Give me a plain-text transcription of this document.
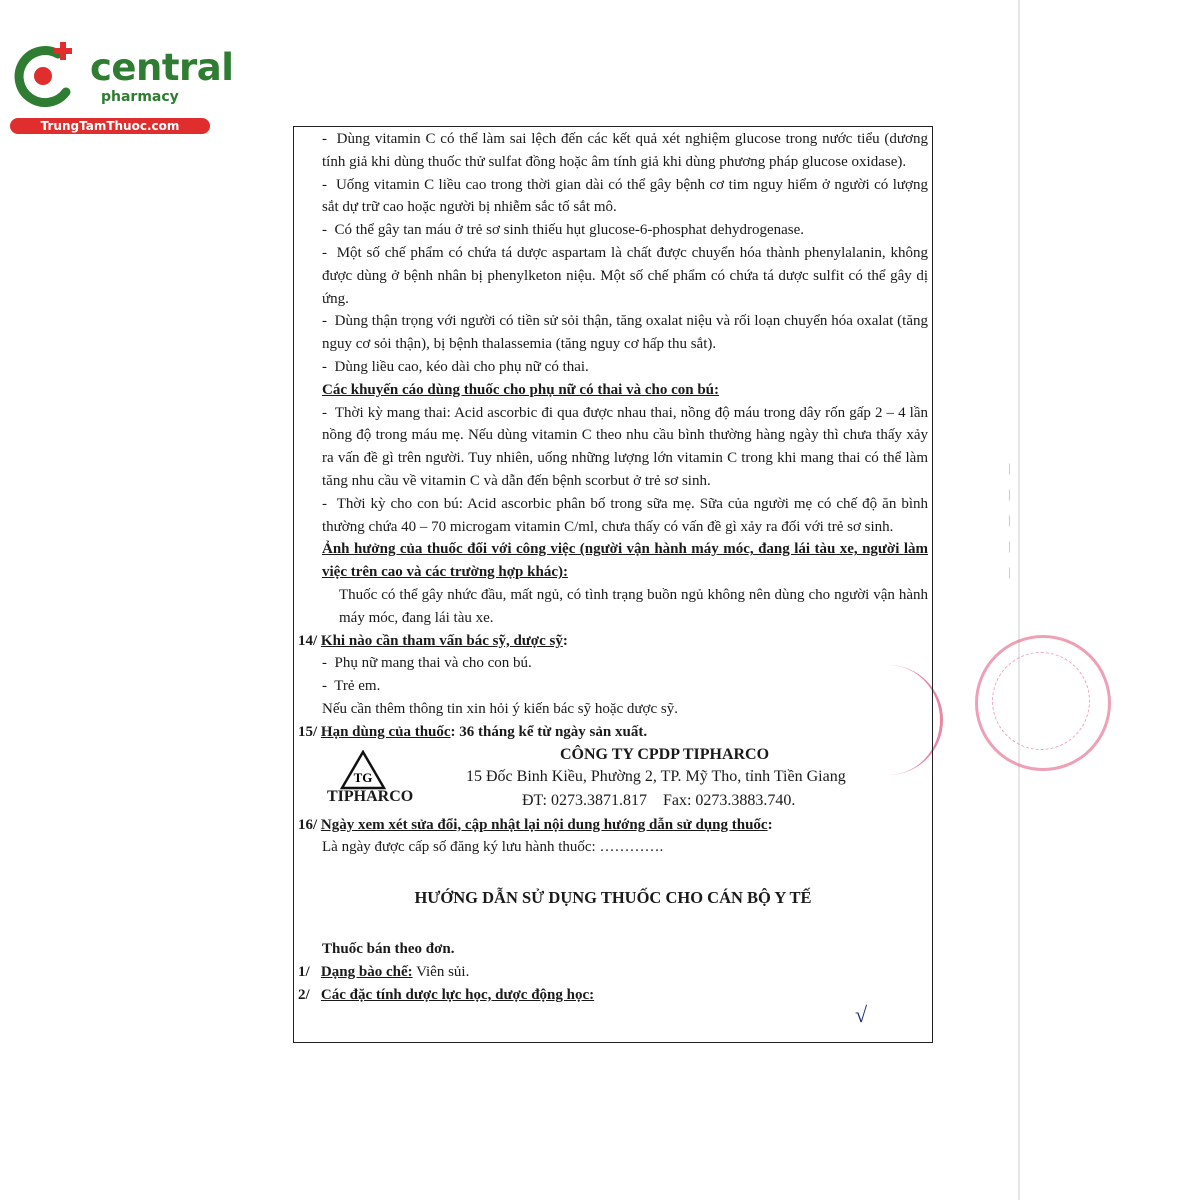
central
pharmacy
TrungTamThuoc.com
|
|
|
|
|

- Dùng vitamin C có thể làm sai lệch đến các kết quả xét nghiệm glucose trong nước tiểu (dương tính giả khi dùng thuốc thử sulfat đồng hoặc âm tính giả khi dùng phương pháp glucose oxidase).

- Uống vitamin C liều cao trong thời gian dài có thể gây bệnh cơ tim nguy hiểm ở người có lượng sắt dự trữ cao hoặc người bị nhiễm sắc tố sắt mô.

- Có thể gây tan máu ở trẻ sơ sinh thiếu hụt glucose-6-phosphat dehydrogenase.

- Một số chế phẩm có chứa tá dược aspartam là chất được chuyển hóa thành phenylalanin, không được dùng ở bệnh nhân bị phenylketon niệu. Một số chế phẩm có chứa tá dược sulfit có thể gây dị ứng.

- Dùng thận trọng với người có tiền sử sỏi thận, tăng oxalat niệu và rối loạn chuyển hóa oxalat (tăng nguy cơ sỏi thận), bị bệnh thalassemia (tăng nguy cơ hấp thu sắt).

- Dùng liều cao, kéo dài cho phụ nữ có thai.

Các khuyến cáo dùng thuốc cho phụ nữ có thai và cho con bú:

- Thời kỳ mang thai: Acid ascorbic đi qua được nhau thai, nồng độ máu trong dây rốn gấp 2 – 4 lần nồng độ trong máu mẹ. Nếu dùng vitamin C theo nhu cầu bình thường hàng ngày thì chưa thấy xảy ra vấn đề gì trên người. Tuy nhiên, uống những lượng lớn vitamin C trong khi mang thai có thể làm tăng nhu cầu về vitamin C và dẫn đến bệnh scorbut ở trẻ sơ sinh.

- Thời kỳ cho con bú: Acid ascorbic phân bố trong sữa mẹ. Sữa của người mẹ có chế độ ăn bình thường chứa 40 – 70 microgam vitamin C/ml, chưa thấy có vấn đề gì xảy ra đối với trẻ sơ sinh.

Ảnh hưởng của thuốc đối với công việc (người vận hành máy móc, đang lái tàu xe, người làm việc trên cao và các trường hợp khác):

Thuốc có thể gây nhức đầu, mất ngủ, có tình trạng buồn ngủ không nên dùng cho người vận hành máy móc, đang lái tàu xe.

14/ Khi nào cần tham vấn bác sỹ, dược sỹ:

- Phụ nữ mang thai và cho con bú.

- Trẻ em.

Nếu cần thêm thông tin xin hỏi ý kiến bác sỹ hoặc dược sỹ.

15/ Hạn dùng của thuốc: 36 tháng kể từ ngày sản xuất.

TG
TIPHARCO
CÔNG TY CPDP TIPHARCO
15 Đốc Binh Kiều, Phường 2, TP. Mỹ Tho, tỉnh Tiền Giang
ĐT: 0273.3871.817    Fax: 0273.3883.740.

16/ Ngày xem xét sửa đổi, cập nhật lại nội dung hướng dẫn sử dụng thuốc:

Là ngày được cấp số đăng ký lưu hành thuốc: ………….

HƯỚNG DẪN SỬ DỤNG THUỐC CHO CÁN BỘ Y TẾ

Thuốc bán theo đơn.

1/ Dạng bào chế: Viên sủi.

2/ Các đặc tính dược lực học, dược động học:

√
